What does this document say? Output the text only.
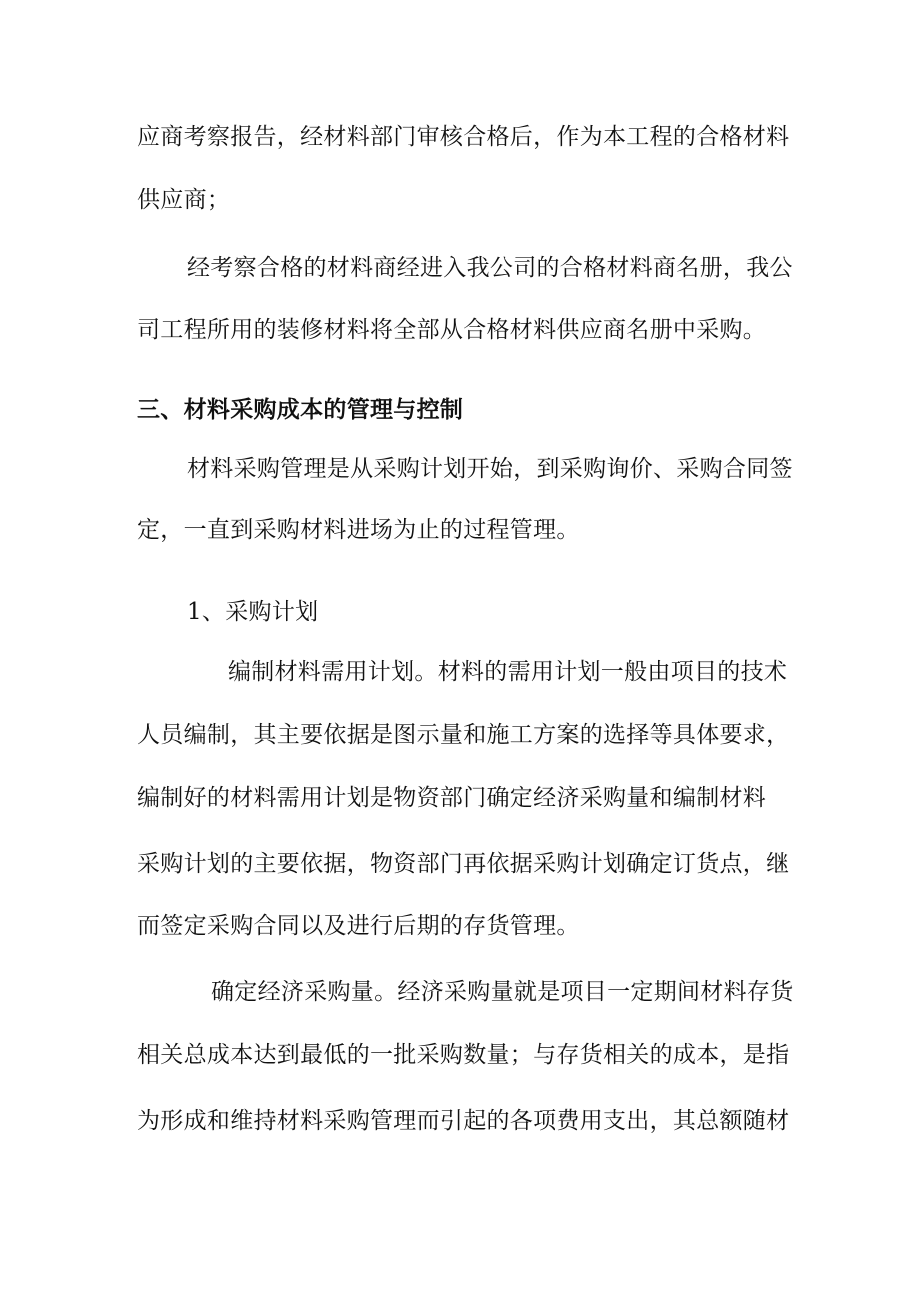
应商考察报告，经材料部门审核合格后，作为本工程的合格材料

供应商；

经考察合格的材料商经进入我公司的合格材料商名册，我公

司工程所用的装修材料将全部从合格材料供应商名册中采购。

三、材料采购成本的管理与控制

材料采购管理是从采购计划开始，到采购询价、采购合同签

定，一直到采购材料进场为止的过程管理。

1、采购计划

编制材料需用计划。材料的需用计划一般由项目的技术

人员编制，其主要依据是图示量和施工方案的选择等具体要求，

编制好的材料需用计划是物资部门确定经济采购量和编制材料

采购计划的主要依据，物资部门再依据采购计划确定订货点，继

而签定采购合同以及进行后期的存货管理。

确定经济采购量。经济采购量就是项目一定期间材料存货

相关总成本达到最低的一批采购数量；与存货相关的成本，是指

为形成和维持材料采购管理而引起的各项费用支出，其总额随材
